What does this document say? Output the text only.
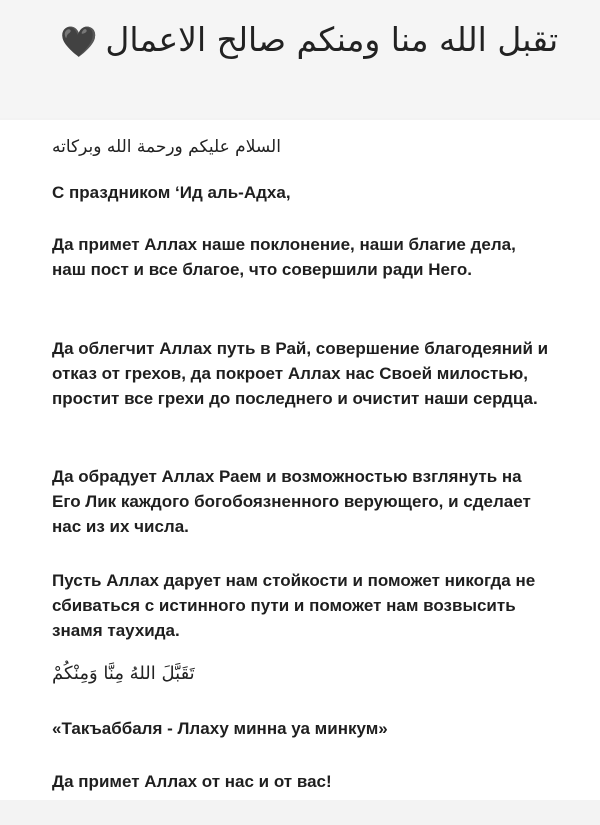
🖤 تقبل الله منا ومنكم صالح الاعمال
السلام عليكم ورحمة الله وبركاته

С праздником ‘Ид аль-Адха,

Да примет Аллах наше поклонение, наши благие дела, наш пост и все благое, что совершили ради Него.

Да облегчит Аллах путь в Рай, совершение благодеяний и отказ от грехов, да покроет Аллах нас Своей милостью, простит все грехи до последнего и очистит наши сердца.

Да обрадует Аллах Раем и возможностью взглянуть на Его Лик каждого богобоязненного верующего, и сделает нас из их числа.

Пусть Аллах дарует нам стойкости и поможет никогда не сбиваться с истинного пути и поможет нам возвысить знамя таухида.

تَقَبَّلَ اللهُ مِنَّا وَمِنْكُمْ

«Такъаббаля - Ллаху минна уа минкум»

Да примет Аллах от нас и от вас!
